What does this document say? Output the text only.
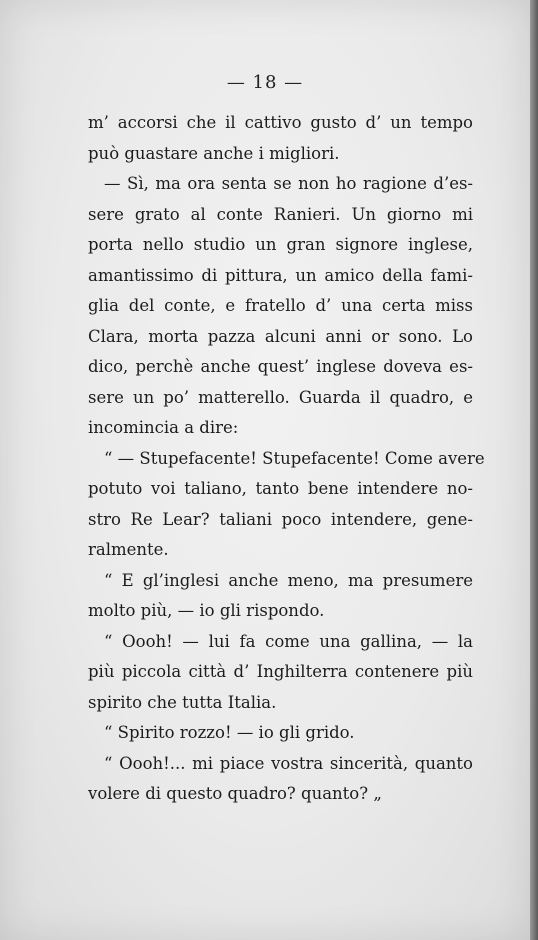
— 18 —
m’ accorsi che il cattivo gusto d’ un tempo
può guastare anche i migliori.
— Sì, ma ora senta se non ho ragione d’es-
sere grato al conte Ranieri. Un giorno mi
porta nello studio un gran signore inglese,
amantissimo di pittura, un amico della fami-
glia del conte, e fratello d’ una certa miss
Clara, morta pazza alcuni anni or sono. Lo
dico, perchè anche quest’ inglese doveva es-
sere un po’ matterello. Guarda il quadro, e
incomincia a dire:
“ — Stupefacente! Stupefacente! Come avere
potuto voi taliano, tanto bene intendere no-
stro Re Lear? taliani poco intendere, gene-
ralmente.
“ E gl’inglesi anche meno, ma presumere
molto più, — io gli rispondo.
“ Oooh! — lui fa come una gallina, — la
più piccola città d’ Inghilterra contenere più
spirito che tutta Italia.
“ Spirito rozzo! — io gli grido.
“ Oooh!... mi piace vostra sincerità, quanto
volere di questo quadro? quanto? „
